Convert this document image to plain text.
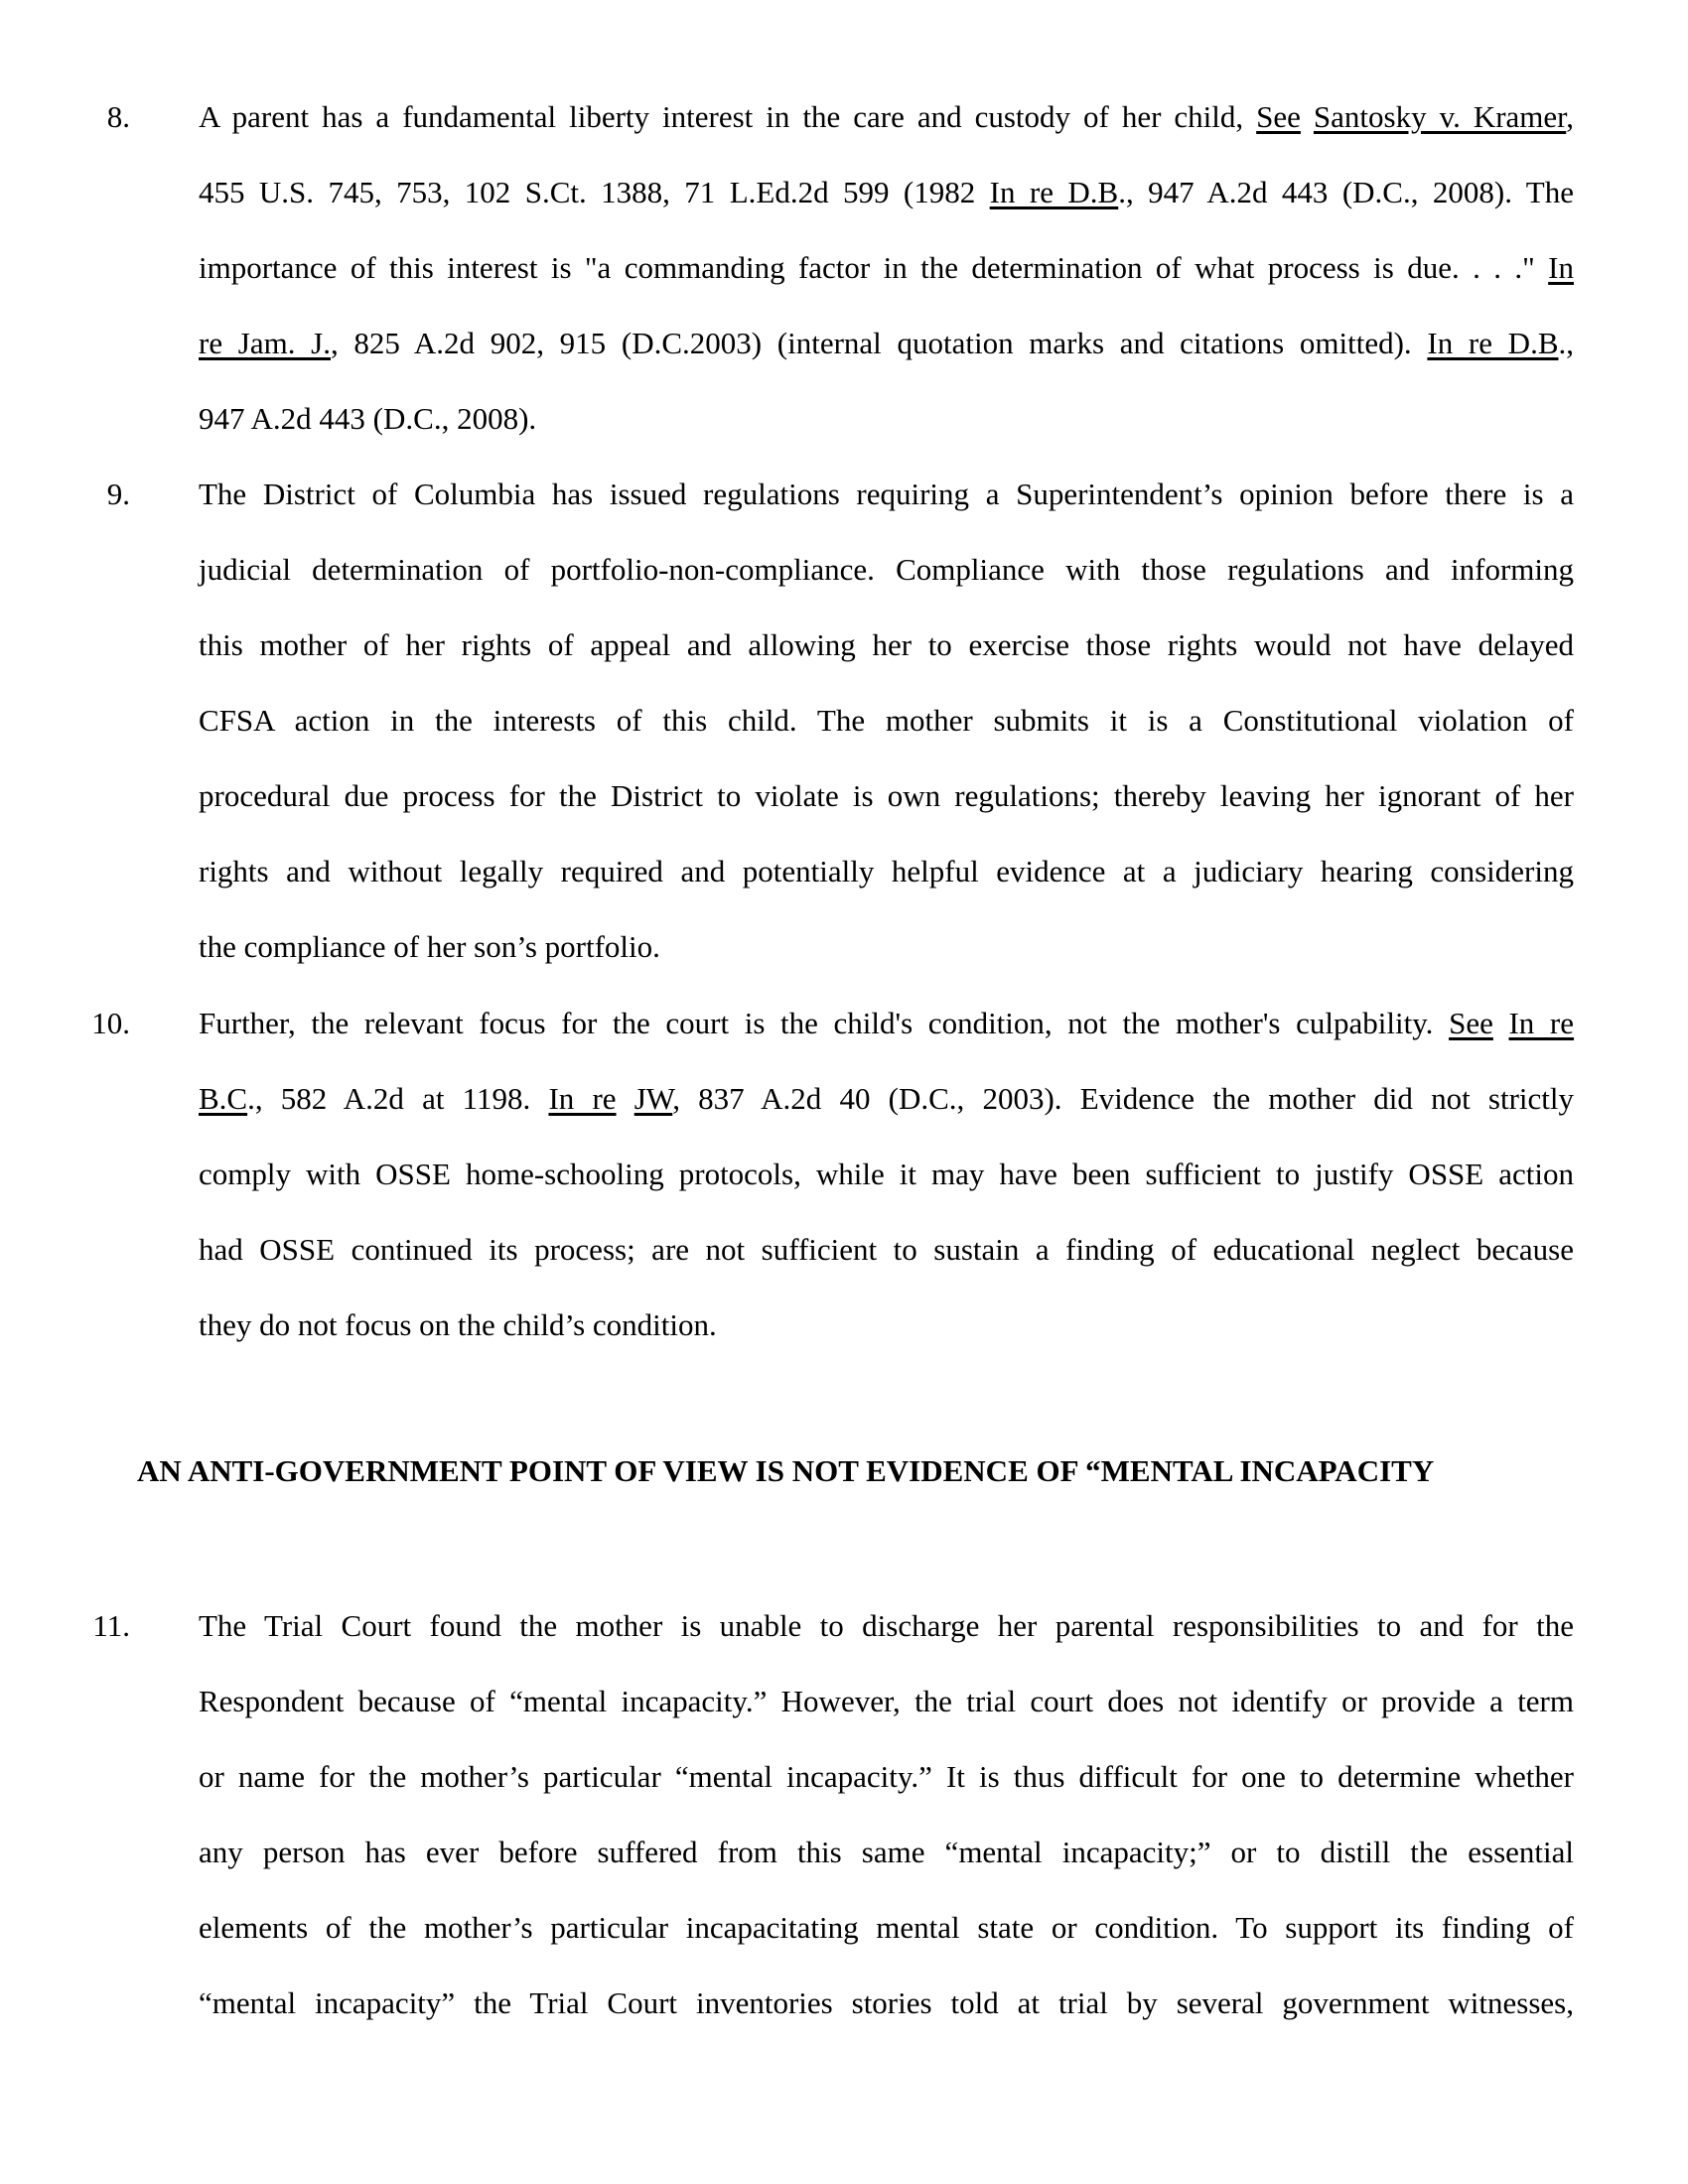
8. A parent has a fundamental liberty interest in the care and custody of her child, See Santosky v. Kramer,
455 U.S. 745, 753, 102 S.Ct. 1388, 71 L.Ed.2d 599 (1982 In re D.B., 947 A.2d 443 (D.C., 2008). The
importance of this interest is "a commanding factor in the determination of what process is due. . . ." In
re Jam. J., 825 A.2d 902, 915 (D.C.2003) (internal quotation marks and citations omitted). In re D.B.,
947 A.2d 443 (D.C., 2008).
9. The District of Columbia has issued regulations requiring a Superintendent’s opinion before there is a
judicial determination of portfolio-non-compliance. Compliance with those regulations and informing
this mother of her rights of appeal and allowing her to exercise those rights would not have delayed
CFSA action in the interests of this child. The mother submits it is a Constitutional violation of
procedural due process for the District to violate is own regulations; thereby leaving her ignorant of her
rights and without legally required and potentially helpful evidence at a judiciary hearing considering
the compliance of her son’s portfolio.
10. Further, the relevant focus for the court is the child's condition, not the mother's culpability. See In re
B.C., 582 A.2d at 1198. In re JW, 837 A.2d 40 (D.C., 2003). Evidence the mother did not strictly
comply with OSSE home-schooling protocols, while it may have been sufficient to justify OSSE action
had OSSE continued its process; are not sufficient to sustain a finding of educational neglect because
they do not focus on the child’s condition.
AN ANTI-GOVERNMENT POINT OF VIEW IS NOT EVIDENCE OF “MENTAL INCAPACITY
11. The Trial Court found the mother is unable to discharge her parental responsibilities to and for the
Respondent because of “mental incapacity.” However, the trial court does not identify or provide a term
or name for the mother’s particular “mental incapacity.” It is thus difficult for one to determine whether
any person has ever before suffered from this same “mental incapacity;” or to distill the essential
elements of the mother’s particular incapacitating mental state or condition. To support its finding of
“mental incapacity” the Trial Court inventories stories told at trial by several government witnesses,
